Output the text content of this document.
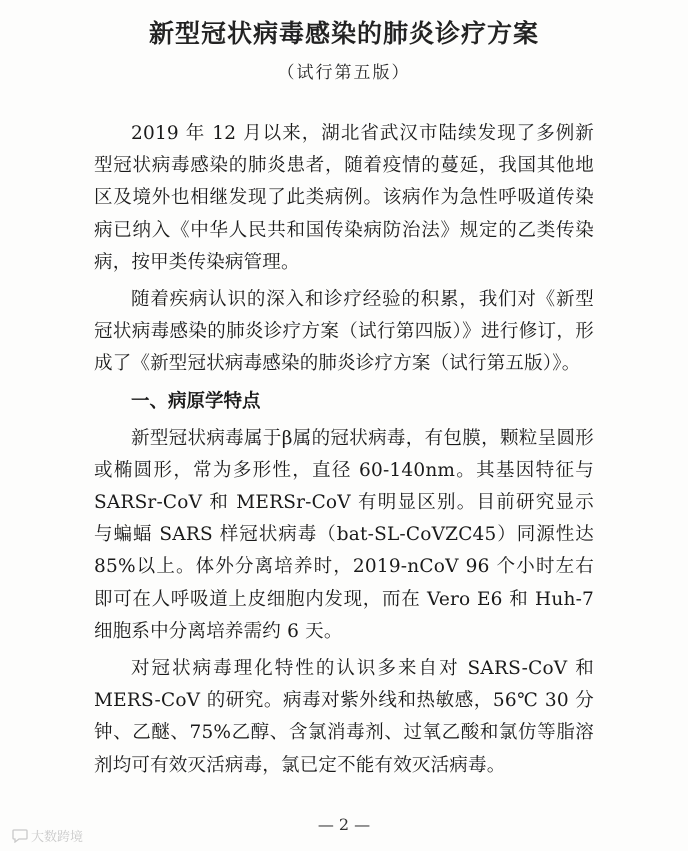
新型冠状病毒感染的肺炎诊疗方案
（试行第五版）

2019 年 12 月以来，湖北省武汉市陆续发现了多例新型冠状病毒感染的肺炎患者，随着疫情的蔓延，我国其他地区及境外也相继发现了此类病例。该病作为急性呼吸道传染病已纳入《中华人民共和国传染病防治法》规定的乙类传染病，按甲类传染病管理。

随着疾病认识的深入和诊疗经验的积累，我们对《新型冠状病毒感染的肺炎诊疗方案（试行第四版）》进行修订，形成了《新型冠状病毒感染的肺炎诊疗方案（试行第五版）》。

一、病原学特点

新型冠状病毒属于β属的冠状病毒，有包膜，颗粒呈圆形或椭圆形，常为多形性，直径 60-140nm。其基因特征与 SARSr-CoV 和 MERSr-CoV 有明显区别。目前研究显示与蝙蝠 SARS 样冠状病毒（bat-SL-CoVZC45）同源性达 85%以上。体外分离培养时，2019-nCoV 96 个小时左右即可在人呼吸道上皮细胞内发现，而在 Vero E6 和 Huh-7 细胞系中分离培养需约 6 天。

对冠状病毒理化特性的认识多来自对 SARS-CoV 和 MERS-CoV 的研究。病毒对紫外线和热敏感，56℃ 30 分钟、乙醚、75%乙醇、含氯消毒剂、过氧乙酸和氯仿等脂溶剂均可有效灭活病毒，氯已定不能有效灭活病毒。

— 2 —
大数跨境
